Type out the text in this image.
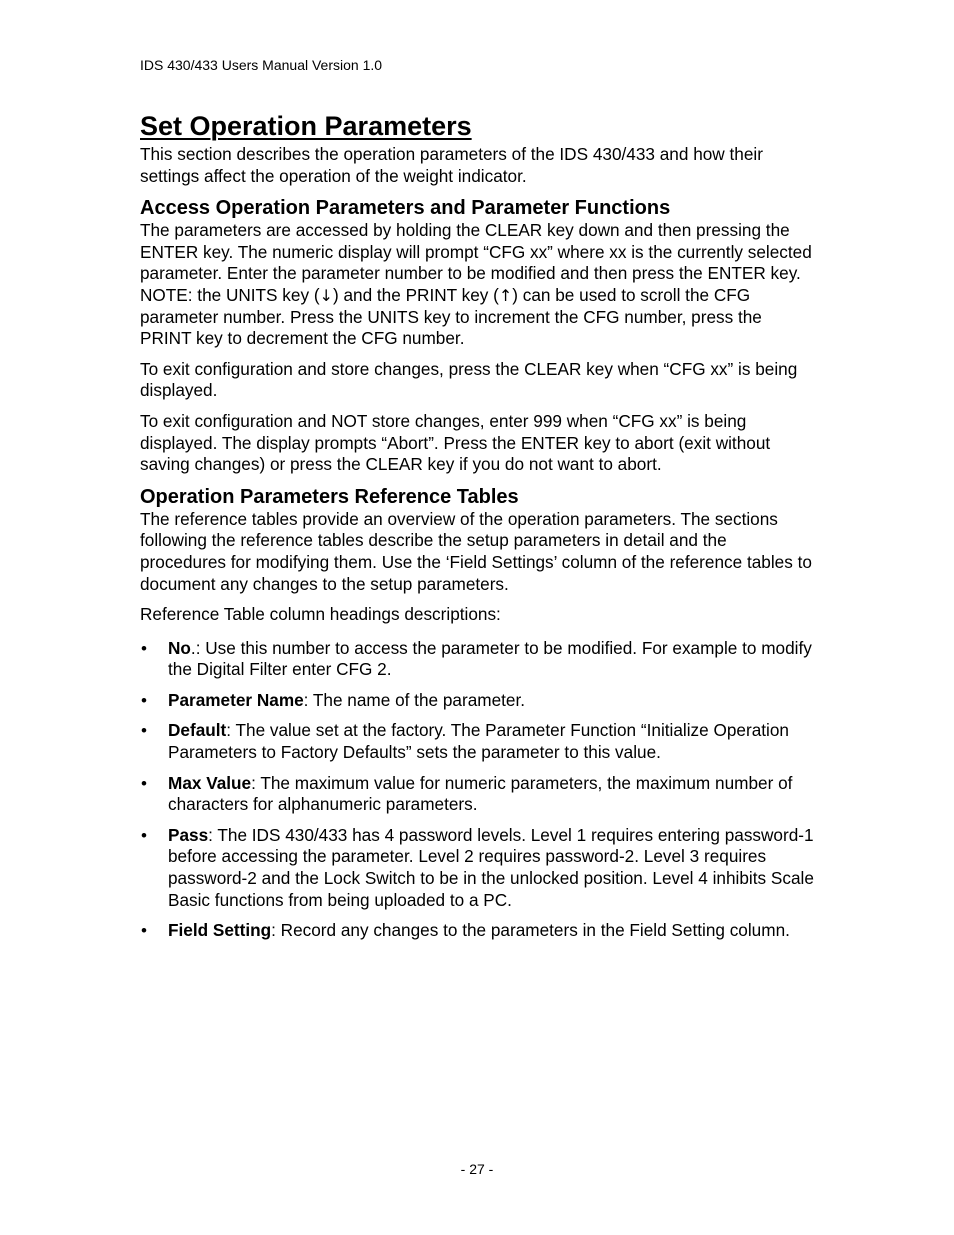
IDS 430/433 Users Manual Version 1.0
Set Operation Parameters

This section describes the operation parameters of the IDS 430/433 and how their settings affect the operation of the weight indicator.

Access Operation Parameters and Parameter Functions

The parameters are accessed by holding the CLEAR key down and then pressing the ENTER key. The numeric display will prompt “CFG xx” where xx is the currently selected parameter. Enter the parameter number to be modified and then press the ENTER key. NOTE: the UNITS key (↓) and the PRINT key (↑) can be used to scroll the CFG parameter number. Press the UNITS key to increment the CFG number, press the PRINT key to decrement the CFG number.

To exit configuration and store changes, press the CLEAR key when “CFG xx” is being displayed.

To exit configuration and NOT store changes, enter 999 when “CFG xx” is being displayed. The display prompts “Abort”. Press the ENTER key to abort (exit without saving changes) or press the CLEAR key if you do not want to abort.

Operation Parameters Reference Tables

The reference tables provide an overview of the operation parameters. The sections following the reference tables describe the setup parameters in detail and the procedures for modifying them. Use the ‘Field Settings’ column of the reference tables to document any changes to the setup parameters.

Reference Table column headings descriptions:

• No.: Use this number to access the parameter to be modified. For example to modify the Digital Filter enter CFG 2.
• Parameter Name: The name of the parameter.
• Default: The value set at the factory. The Parameter Function “Initialize Operation Parameters to Factory Defaults” sets the parameter to this value.
• Max Value: The maximum value for numeric parameters, the maximum number of characters for alphanumeric parameters.
• Pass: The IDS 430/433 has 4 password levels. Level 1 requires entering password-1 before accessing the parameter. Level 2 requires password-2. Level 3 requires password-2 and the Lock Switch to be in the unlocked position. Level 4 inhibits Scale Basic functions from being uploaded to a PC.
• Field Setting: Record any changes to the parameters in the Field Setting column.
- 27 -
